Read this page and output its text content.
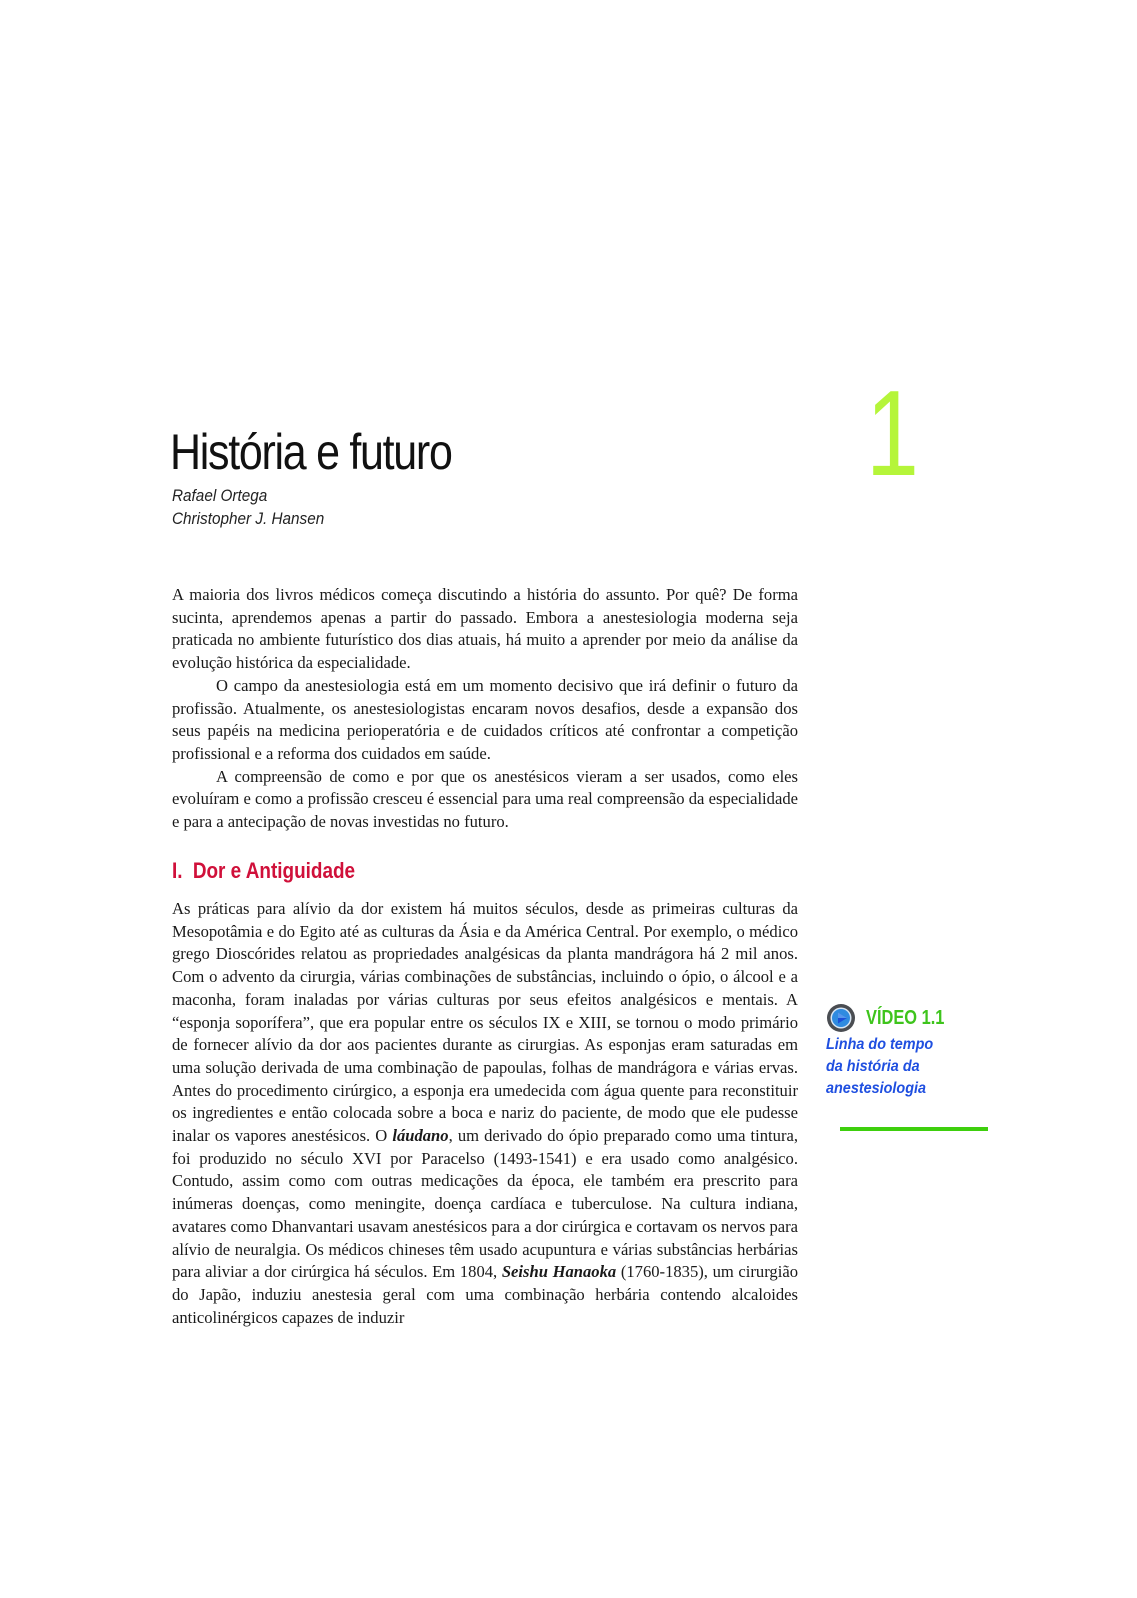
História e futuro	1
Rafael Ortega
Christopher J. Hansen

A maioria dos livros médicos começa discutindo a história do assunto. Por quê? De forma sucinta, aprendemos apenas a partir do passado. Embora a anestesiologia moderna seja praticada no ambiente futurístico dos dias atuais, há muito a aprender por meio da análise da evolução histórica da especialidade.

O campo da anestesiologia está em um momento decisivo que irá definir o futuro da profissão. Atualmente, os anestesiologistas encaram novos desafios, desde a expansão dos seus papéis na medicina perioperatória e de cuidados críticos até confrontar a competição profissional e a reforma dos cuidados em saúde.

A compreensão de como e por que os anestésicos vieram a ser usados, como eles evoluíram e como a profissão cresceu é essencial para uma real compreensão da especialidade e para a antecipação de novas investidas no futuro.

I. Dor e Antiguidade

As práticas para alívio da dor existem há muitos séculos, desde as primeiras culturas da Mesopotâmia e do Egito até as culturas da Ásia e da América Central. Por exemplo, o médico grego Dioscórides relatou as propriedades analgésicas da planta mandrágora há 2 mil anos. Com o advento da cirurgia, várias combinações de substâncias, incluindo o ópio, o álcool e a maconha, foram inaladas por várias culturas por seus efeitos analgésicos e mentais. A “esponja soporífera”, que era popular entre os séculos IX e XIII, se tornou o modo primário de fornecer alívio da dor aos pacientes durante as cirurgias. As esponjas eram saturadas em uma solução derivada de uma combinação de papoulas, folhas de mandrágora e várias ervas. Antes do procedimento cirúrgico, a esponja era umedecida com água quente para reconstituir os ingredientes e então colocada sobre a boca e nariz do paciente, de modo que ele pudesse inalar os vapores anestésicos. O láudano, um derivado do ópio preparado como uma tintura, foi produzido no século XVI por Paracelso (1493-1541) e era usado como analgésico. Contudo, assim como com outras medicações da época, ele também era prescrito para inúmeras doenças, como meningite, doença cardíaca e tuberculose. Na cultura indiana, avatares como Dhanvantari usavam anestésicos para a dor cirúrgica e cortavam os nervos para alívio de neuralgia. Os médicos chineses têm usado acupuntura e várias substâncias herbárias para aliviar a dor cirúrgica há séculos. Em 1804, Seishu Hanaoka (1760-1835), um cirurgião do Japão, induziu anestesia geral com uma combinação herbária contendo alcaloides anticolinérgicos capazes de induzir

VÍDEO 1.1
Linha do tempo
da história da
anestesiologia
